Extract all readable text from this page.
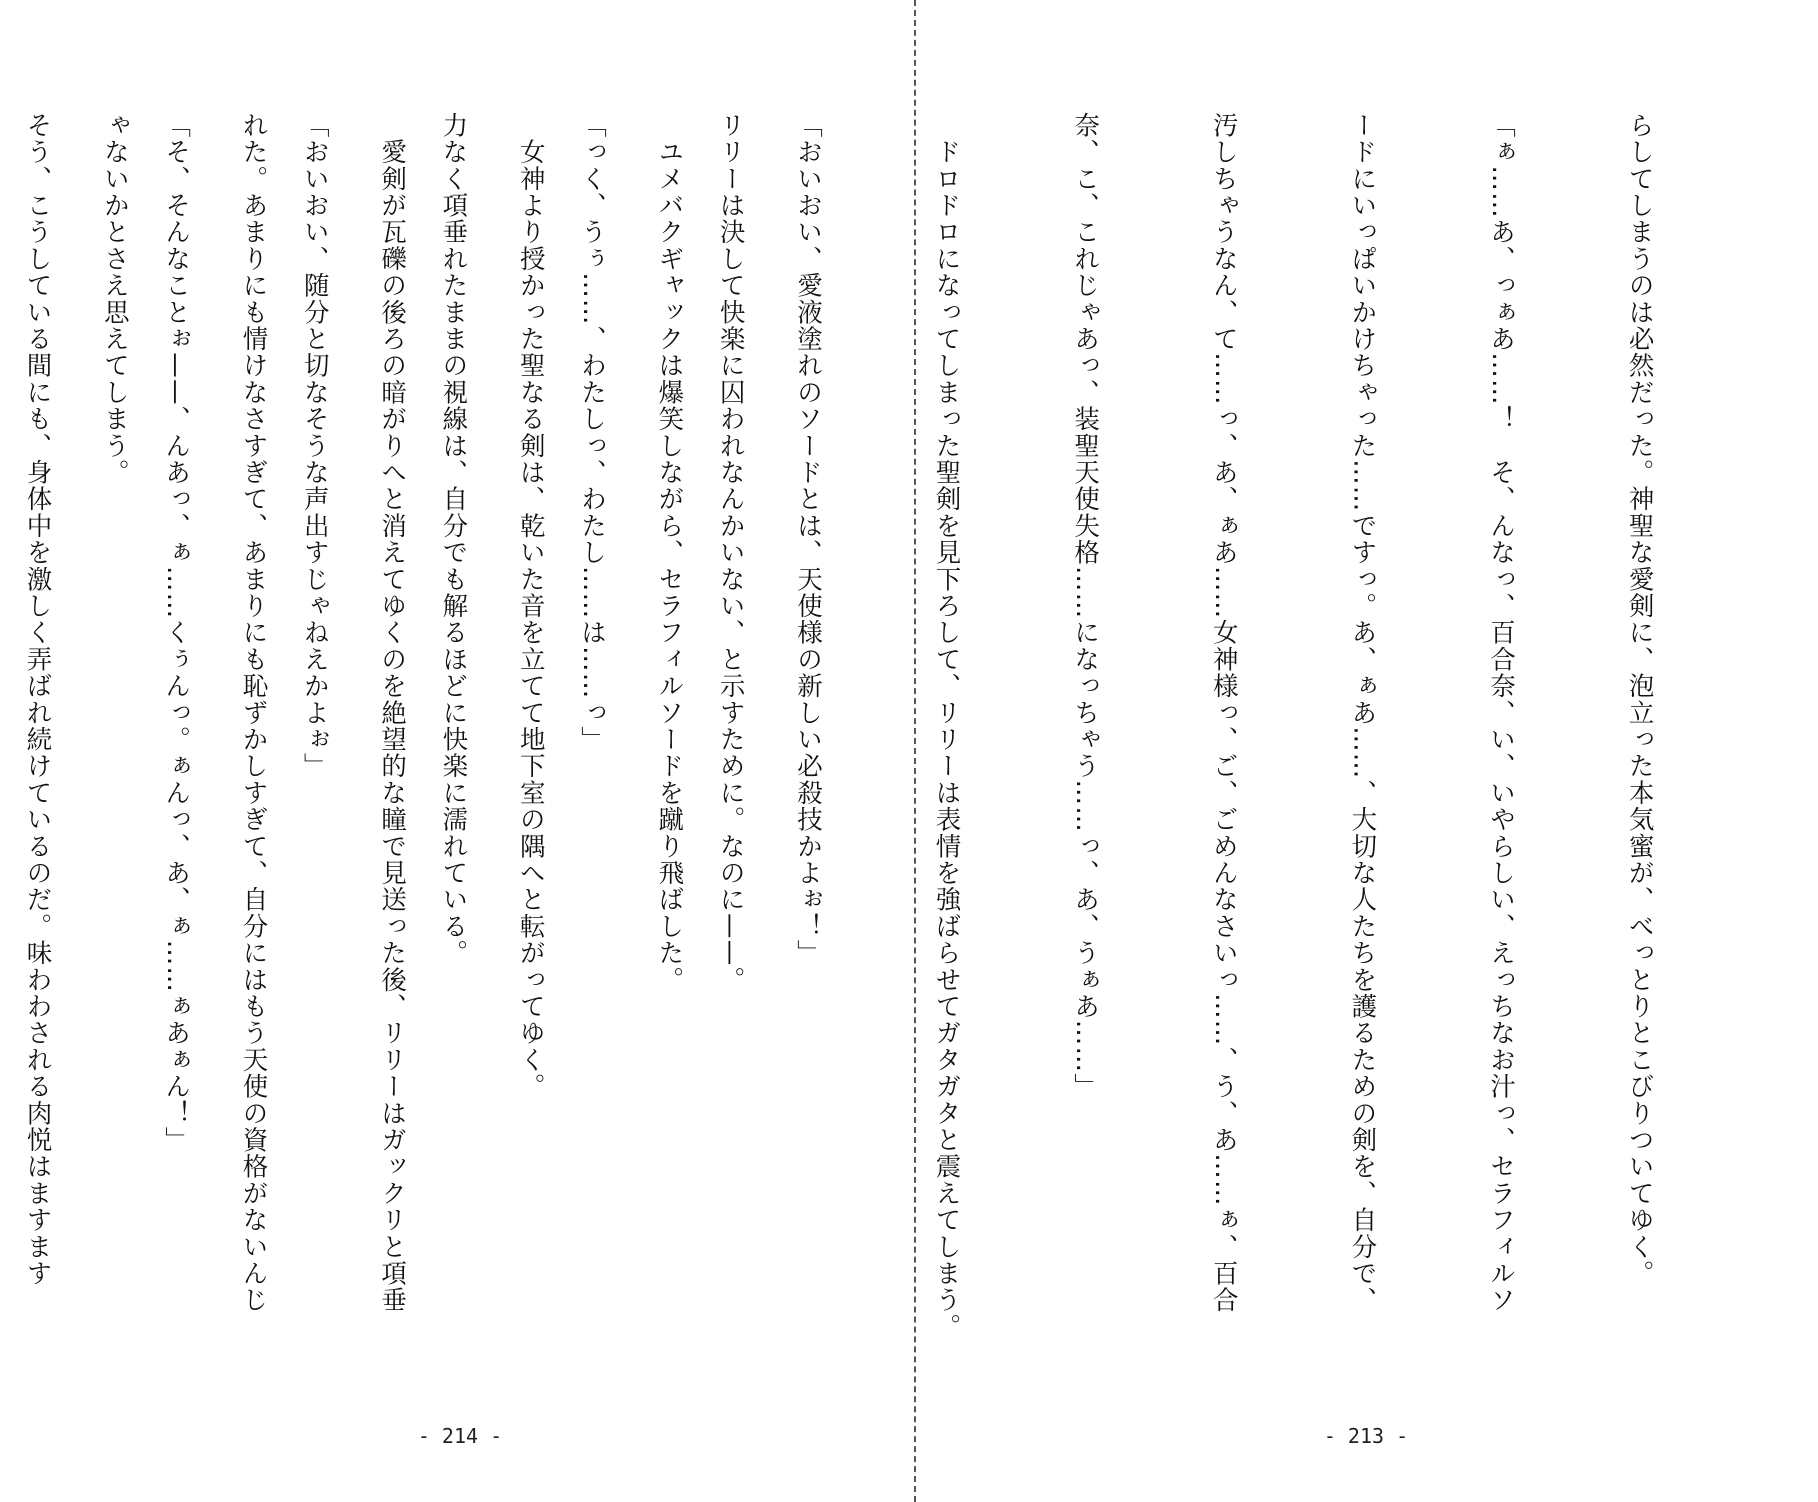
リリーは決して快楽に囚われなんかいない、と示すために。なのに——。

「っく、うぅ……、わたしっ、わたし……は……っ」

力なく項垂れたままの視線は、自分でも解るほどに快楽に濡れている。

「おいおい、随分と切なそうな声出すじゃねえかよぉ」

「そ、そんなことぉ——、んあっ、ぁ……くぅんっ。ぁんっ、あ、ぁ……ぁあぁん！」

そう、こうしている間にも、身体中を激しく弄ばれ続けているのだ。味わわされる肉悦はますます

- 214 -

らしてしまうのは必然だった。神聖な愛剣に、泡立った本気蜜が、べっとりとこびりついてゆく。

「ぁ……あ、っぁあ……！　そ、んなっ、百合奈、い、いやらしい、えっちなお汁っ、セラフィルソ

ードにいっぱいかけちゃった……ですっ。あ、ぁあ……、大切な人たちを護るための剣を、自分で、

汚しちゃうなん、て……っ、あ、ぁあ……女神様っ、ご、ごめんなさいっ……、う、あ……ぁ、百合

奈、こ、これじゃあっ、装聖天使失格……になっちゃう……っ、あ、うぁあ……」

　ドロドロになってしまった聖剣を見下ろして、リリーは表情を強ばらせてガタガタと震えてしまう。

「おいおい、愛液塗れのソードとは、天使様の新しい必殺技かよぉ！」

　ユメバクギャックは爆笑しながら、セラフィルソードを蹴り飛ばした。

　女神より授かった聖なる剣は、乾いた音を立てて地下室の隅へと転がってゆく。

　愛剣が瓦礫の後ろの暗がりへと消えてゆくのを絶望的な瞳で見送った後、リリーはガックリと項垂

れた。あまりにも情けなさすぎて、あまりにも恥ずかしすぎて、自分にはもう天使の資格がないんじ

ゃないかとさえ思えてしまう。

- 213 -
